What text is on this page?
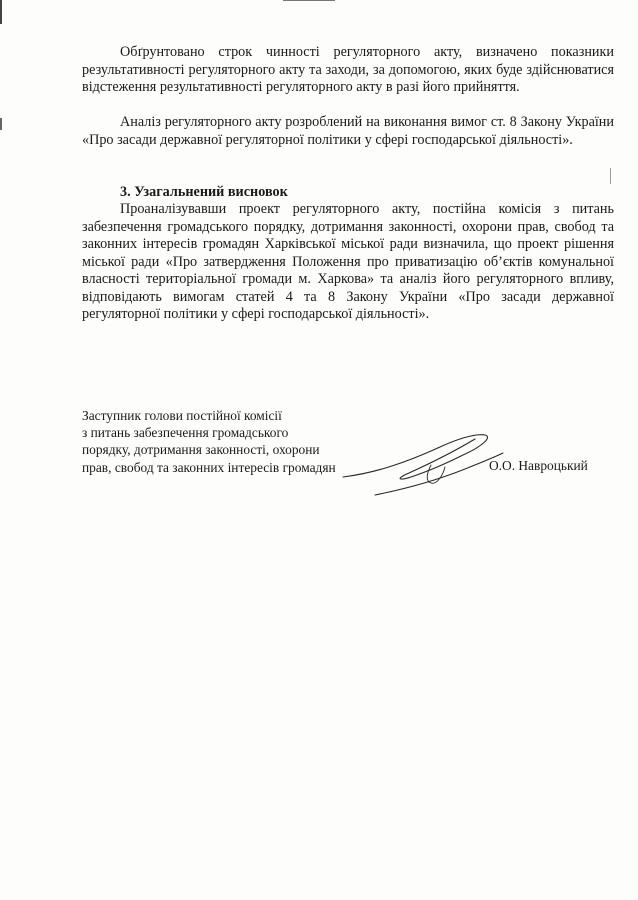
Обґрунтовано строк чинності регуляторного акту, визначено показники результативності регуляторного акту та заходи, за допомогою, яких буде здійснюватися відстеження результативності регуляторного акту в разі його прийняття.

Аналіз регуляторного акту розроблений на виконання вимог ст. 8 Закону України «Про засади державної регуляторної політики у сфері господарської діяльності».

3. Узагальнений висновок

Проаналізувавши проект регуляторного акту, постійна комісія з питань забезпечення громадського порядку, дотримання законності, охорони прав, свобод та законних інтересів громадян Харківської міської ради визначила, що проект рішення міської ради «Про затвердження Положення про приватизацію об’єктів комунальної власності територіальної громади м. Харкова» та аналіз його регуляторного впливу, відповідають вимогам статей 4 та 8 Закону України «Про засади державної регуляторної політики у сфері господарської діяльності».

Заступник голови постійної комісії
з питань забезпечення громадського
порядку, дотримання законності, охорони
прав, свобод та законних інтересів громадян	О.О. Навроцький
